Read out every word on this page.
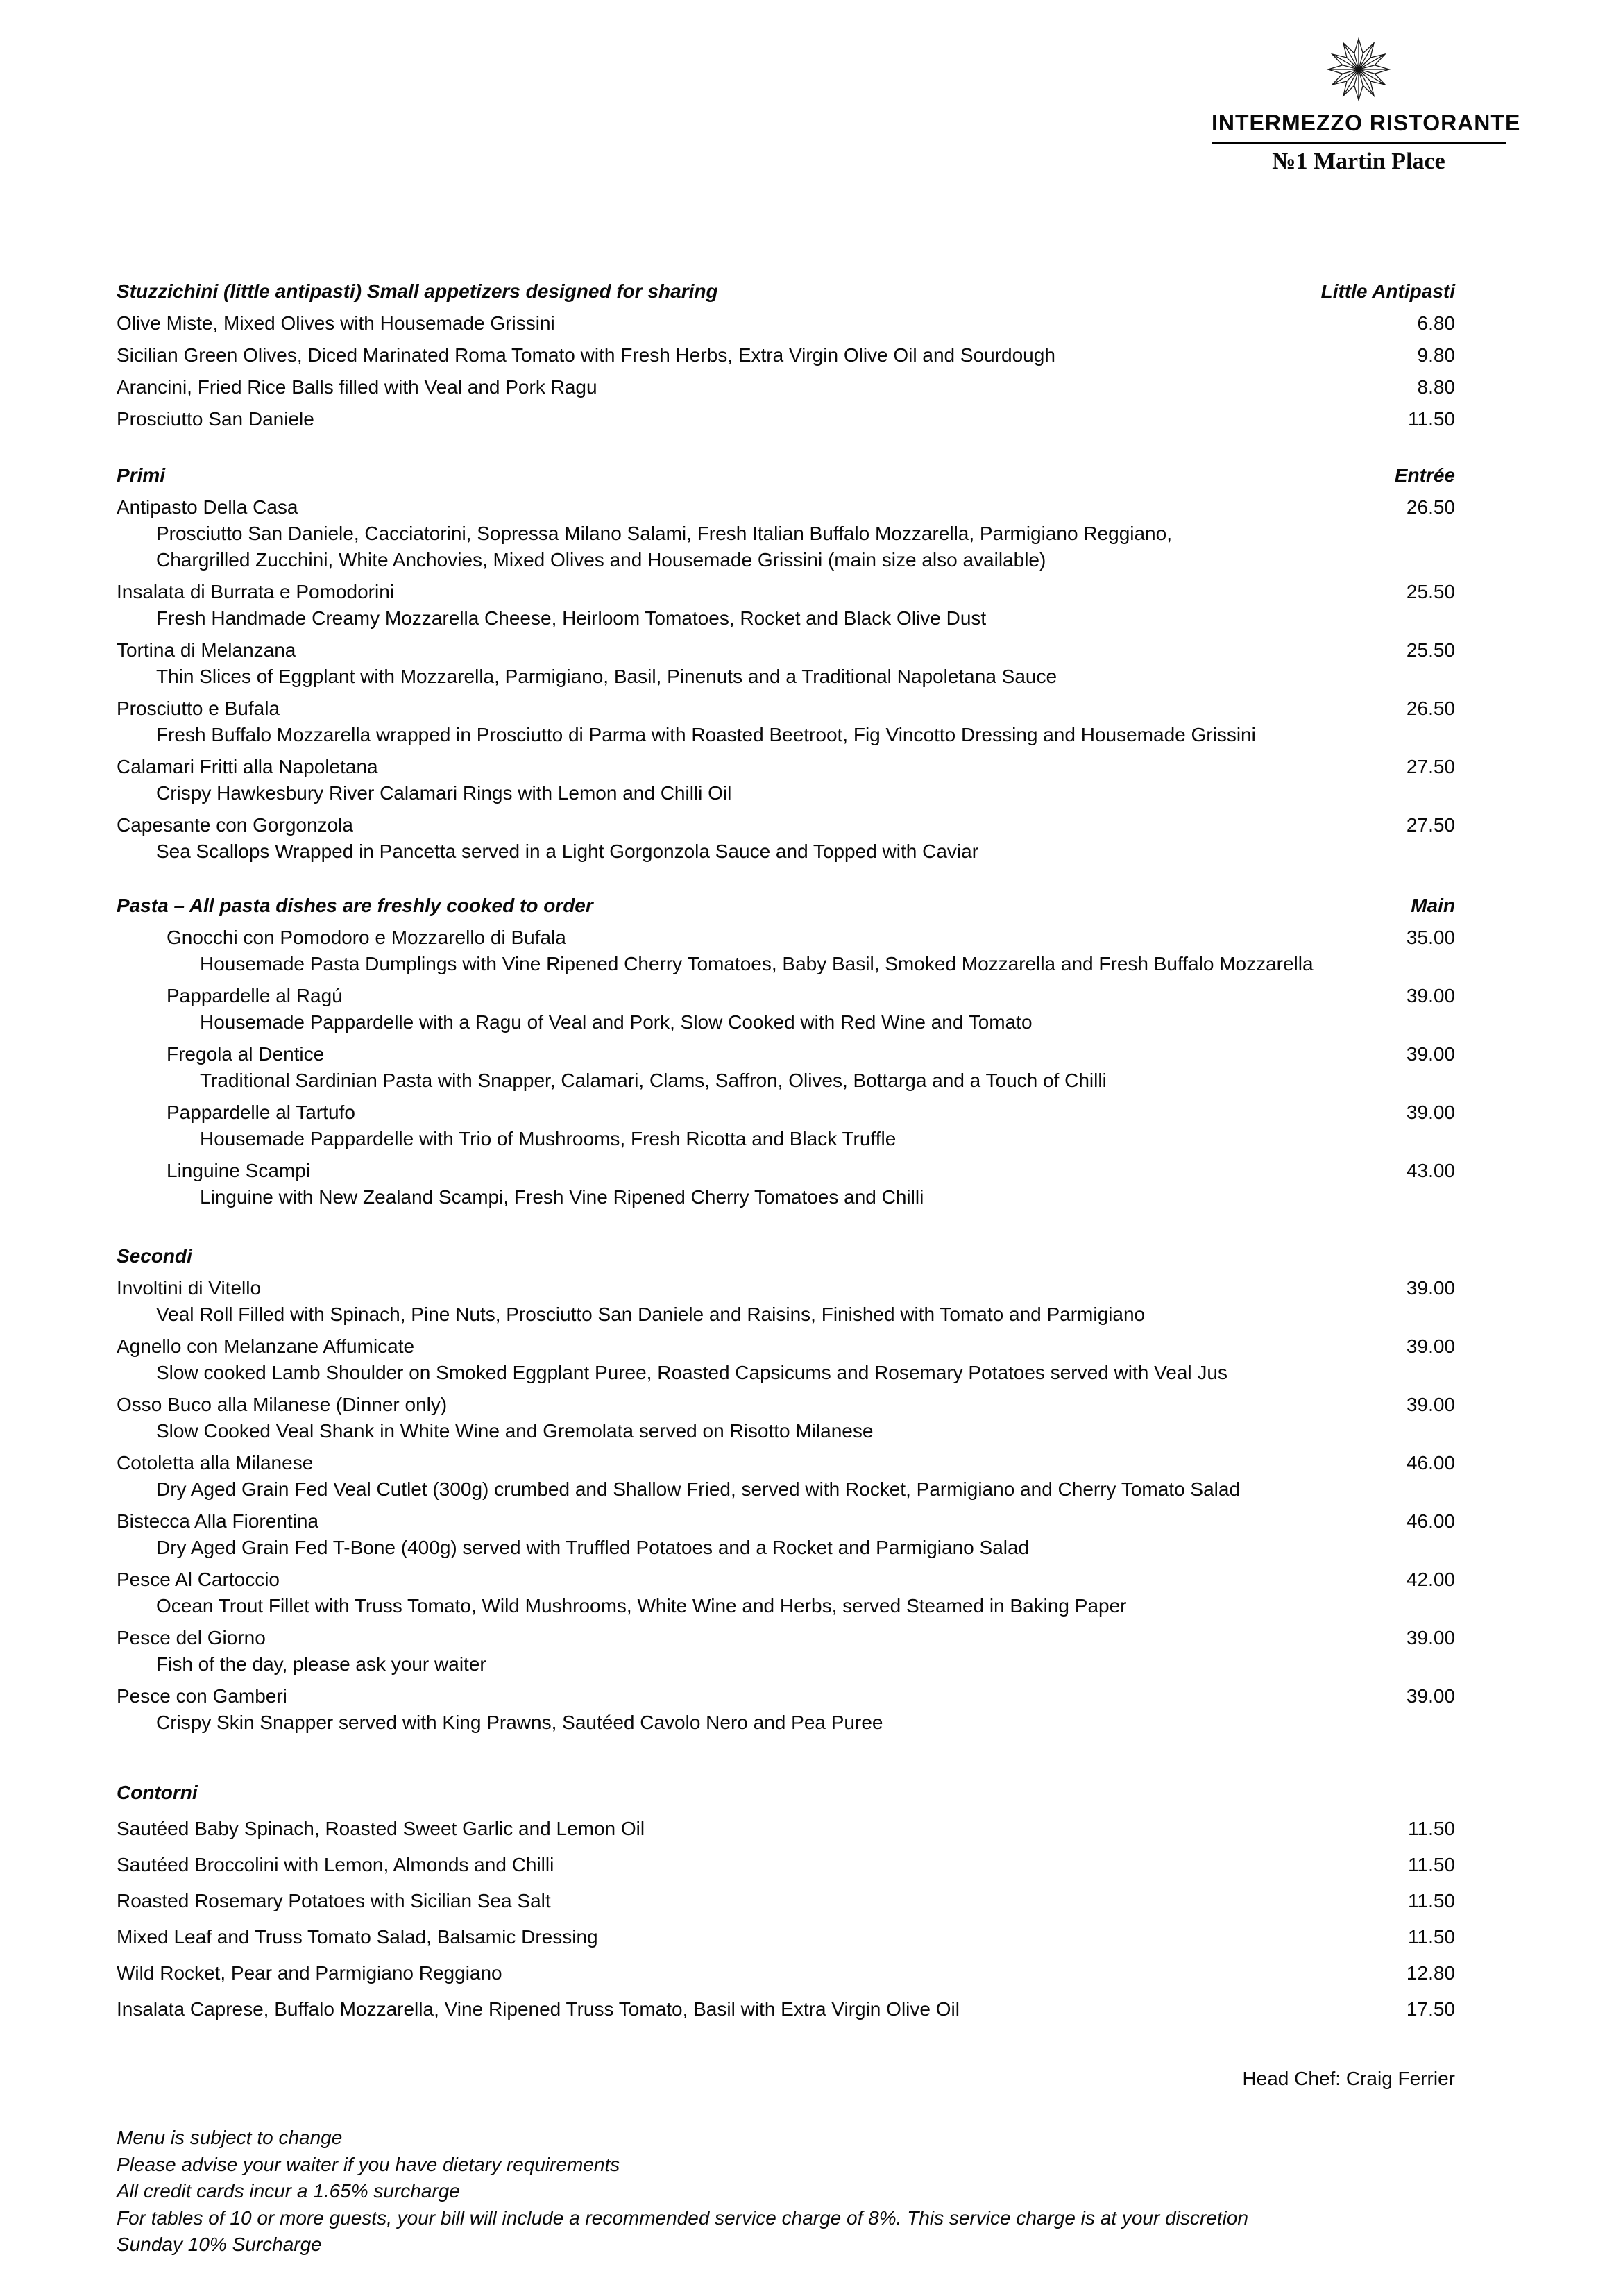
INTERMEZZO RISTORANTE
№1 Martin Place
Stuzzichini (little antipasti) Small appetizers designed for sharing	Little Antipasti
Olive Miste, Mixed Olives with Housemade Grissini	6.80
Sicilian Green Olives, Diced Marinated Roma Tomato with Fresh Herbs, Extra Virgin Olive Oil and Sourdough	9.80
Arancini, Fried Rice Balls filled with Veal and Pork Ragu	8.80
Prosciutto San Daniele	11.50
Primi	Entrée
Antipasto Della Casa	26.50
Prosciutto San Daniele, Cacciatorini, Sopressa Milano Salami, Fresh Italian Buffalo Mozzarella, Parmigiano Reggiano,
Chargrilled Zucchini, White Anchovies, Mixed Olives and Housemade Grissini (main size also available)
Insalata di Burrata e Pomodorini	25.50
Fresh Handmade Creamy Mozzarella Cheese, Heirloom Tomatoes, Rocket and Black Olive Dust
Tortina di Melanzana	25.50
Thin Slices of Eggplant with Mozzarella, Parmigiano, Basil, Pinenuts and a Traditional Napoletana Sauce
Prosciutto e Bufala	26.50
Fresh Buffalo Mozzarella wrapped in Prosciutto di Parma with Roasted Beetroot, Fig Vincotto Dressing and Housemade Grissini
Calamari Fritti alla Napoletana	27.50
Crispy Hawkesbury River Calamari Rings with Lemon and Chilli Oil
Capesante con Gorgonzola	27.50
Sea Scallops Wrapped in Pancetta served in a Light Gorgonzola Sauce and Topped with Caviar
Pasta – All pasta dishes are freshly cooked to order	Main
Gnocchi con Pomodoro e Mozzarello di Bufala	35.00
Housemade Pasta Dumplings with Vine Ripened Cherry Tomatoes, Baby Basil, Smoked Mozzarella and Fresh Buffalo Mozzarella
Pappardelle al Ragú	39.00
Housemade Pappardelle with a Ragu of Veal and Pork, Slow Cooked with Red Wine and Tomato
Fregola al Dentice	39.00
Traditional Sardinian Pasta with Snapper, Calamari, Clams, Saffron, Olives, Bottarga and a Touch of Chilli
Pappardelle al Tartufo	39.00
Housemade Pappardelle with Trio of Mushrooms, Fresh Ricotta and Black Truffle
Linguine Scampi	43.00
Linguine with New Zealand Scampi, Fresh Vine Ripened Cherry Tomatoes and Chilli
Secondi
Involtini di Vitello	39.00
Veal Roll Filled with Spinach, Pine Nuts, Prosciutto San Daniele and Raisins, Finished with Tomato and Parmigiano
Agnello con Melanzane Affumicate	39.00
Slow cooked Lamb Shoulder on Smoked Eggplant Puree, Roasted Capsicums and Rosemary Potatoes served with Veal Jus
Osso Buco alla Milanese (Dinner only)	39.00
Slow Cooked Veal Shank in White Wine and Gremolata served on Risotto Milanese
Cotoletta alla Milanese	46.00
Dry Aged Grain Fed Veal Cutlet (300g) crumbed and Shallow Fried, served with Rocket, Parmigiano and Cherry Tomato Salad
Bistecca Alla Fiorentina	46.00
Dry Aged Grain Fed T-Bone (400g) served with Truffled Potatoes and a Rocket and Parmigiano Salad
Pesce Al Cartoccio	42.00
Ocean Trout Fillet with Truss Tomato, Wild Mushrooms, White Wine and Herbs, served Steamed in Baking Paper
Pesce del Giorno	39.00
Fish of the day, please ask your waiter
Pesce con Gamberi	39.00
Crispy Skin Snapper served with King Prawns, Sautéed Cavolo Nero and Pea Puree
Contorni
Sautéed Baby Spinach, Roasted Sweet Garlic and Lemon Oil	11.50
Sautéed Broccolini with Lemon, Almonds and Chilli	11.50
Roasted Rosemary Potatoes with Sicilian Sea Salt	11.50
Mixed Leaf and Truss Tomato Salad, Balsamic Dressing	11.50
Wild Rocket, Pear and Parmigiano Reggiano	12.80
Insalata Caprese, Buffalo Mozzarella, Vine Ripened Truss Tomato, Basil with Extra Virgin Olive Oil	17.50
Head Chef: Craig Ferrier
Menu is subject to change
Please advise your waiter if you have dietary requirements
All credit cards incur a 1.65% surcharge
For tables of 10 or more guests, your bill will include a recommended service charge of 8%. This service charge is at your discretion
Sunday 10% Surcharge
